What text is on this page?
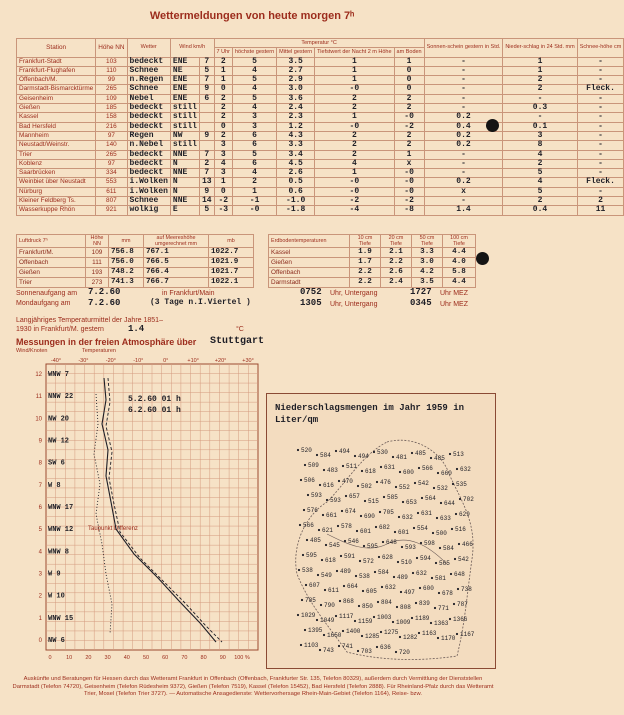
Wettermeldungen von heute morgen 7ʰ
Station	Höhe NN	Wetter	Wind km/h		Temperatur °C					Sonnen-schein gestern in Std.	Nieder-schlag in 24 Std. mm	Schnee-höhe cm
					7 Uhr	höchste gestern	Mittel gestern	Tiefstwert der Nacht 2 m Höhe	am Boden			
Frankfurt-Stadt	103	bedeckt	ENE	7	2	5	3.5	1	1	-	1	-
Frankfurt-Flughafen	110	Schnee	NE	5	1	4	2.7	1	0	-	1	-
Offenbach/M.	99	n.Regen	ENE	7	1	5	2.9	1	0	-	2	-
Darmstadt-Bismarcktürme	265	Schnee	ENE	9	0	4	3.0	-0	0	-	2	Fleck.
Geisenheim	109	Nebel	ENE	6	2	5	3.6	2	2	-	-	-
Gießen	185	bedeckt	still		2	4	2.4	2	2	-	0.3	-
Kassel	158	bedeckt	still		2	3	2.3	1	-0	0.2	-	-
Bad Hersfeld	216	bedeckt	still		0	3	1.2	-0	-2	0.4	0.1	-
Mannheim	97	Regen	NW	9	2	6	4.3	2	2	0.2	3	-
Neustadt/Weinstr.	140	n.Nebel	still		3	6	3.3	2	2	0.2	8	-
Trier	265	bedeckt	NNE	7	3	5	3.4	2	1	-	4	-
Koblenz	97	bedeckt	N	2	4	6	4.5	4	x	-	2	-
Saarbrücken	334	bedeckt	NNE	7	3	4	2.6	1	-0	-	5	-
Weinbiet über Neustadt	553	i.Wolken	N	13	1	2	0.5	-0	-0	0.2	4	Fleck.
Nürburg	611	i.Wolken	N	9	0	1	0.6	-0	-0	x	5	-
Kleiner Feldberg Ts.	807	Schnee	NNE	14	-2	-1	-1.0	-2	-2	-	2	2
Wasserkuppe Rhön	921	wolkig	E	5	-3	-0	-1.8	-4	-8	1.4	0.4	11
Luftdruck 7ʰ	Höhe NN	mm	auf Meereshöhe umgerechnet mm	mb
Frankfurt/M.	109	756.8	767.1	1022.7
Offenbach	111	756.0	766.5	1021.9
Gießen	193	748.2	766.4	1021.7
Trier	273	741.3	766.7	1022.1
Erdbodentemperaturen	10 cm Tiefe	20 cm Tiefe	50 cm Tiefe	100 cm Tiefe
Kassel	1.9	2.1	3.3	4.4
Gießen	1.7	2.2	3.0	4.0
Offenbach	2.2	2.6	4.2	5.8
Darmstadt	2.2	2.4	3.5	4.4
Sonnenaufgang am 7.2.60
Mondaufgang am 7.2.60
in Frankfurt/Main
(3 Tage n.I.Viertel )
0752 Uhr, Untergang	1727 Uhr MEZ
1305 Uhr, Untergang	0345 Uhr MEZ
Langjähriges Temperaturmittel der Jahre 1851–1930 in Frankfurt/M. gestern	1.4	°C
Messungen in der freien Atmosphäre über Stuttgart
Wind/Knoten	Temperaturen
-40°	-30°	-20°	-10°	0°	+10°	+20°	+30°
0	10 20 30 40 50 60 70 80 90 100 %
WNW 7
NNW 22
NW 20
NW 12
SW 6
W 8
WNW 17
WNW 12
WNW 8
W 9
W 10
WNW 15
NW 6
12
11
10
9
8
7
6
5
4
3
2
1
0
5.2.60 01 h
6.2.60 01 h
Taupunkt Differenz
Niederschlagsmengen im Jahr 1959 in Liter/qm
520
584
494
494
530
481
485
485
513
509
483
511
618
631
600
566
660
632
506
616
470
502
476
552
542
532
535
593
593
657
515
585
653
564
644
702
576
661
674
690
705
632
631
633
629
566
621
578
601
682
601
554
500
516
485
545
546
595
648
593
598
584
466
595
618
591
572
628
510
594
565
542
538
549
489
538
584
489
632
581
648
607
611
664
605
632
497
600
678
738
785
790
868
850
804
808
839
771
787
1029
1049
1117
1159
1003
1009
1189
1363
1366
1395
1650
1400
1285
1275
1282
1163
1170
1167
1103
743
741
703
636
720
Auskünfte und Beratungen für Hessen durch das Wetteramt Frankfurt in Offenbach (Offenbach, Frankfurter Str. 135, Telefon 80329), außerdem durch Vermittlung der Dienststellen Darmstadt (Telefon 74720), Geisenheim (Telefon Rüdesheim 9372), Gießen (Telefon 7519), Kassel (Telefon 15452), Bad Hersfeld (Telefon 2888). Für Rheinland-Pfalz durch das Wetteramt Trier, Mosel (Telefon Trier 3727). — Automatische Ansagedienste: Wettervorhersage Rhein-Main-Gebiet (Telefon 1164), Reise- bzw.
